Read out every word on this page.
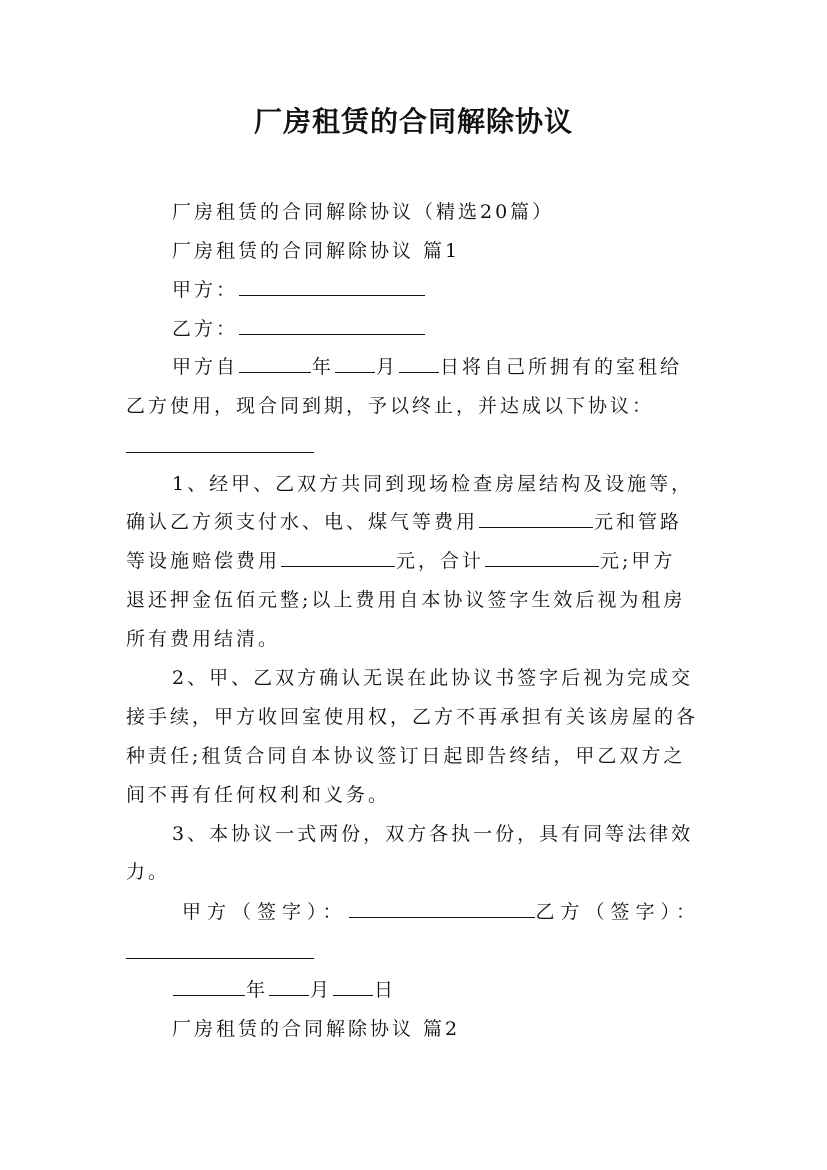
厂房租赁的合同解除协议
厂房租赁的合同解除协议（精选20篇）
厂房租赁的合同解除协议 篇1
甲方：
乙方：
甲方自	年 月 日将自己所拥有的室租给
乙方使用，现合同到期，予以终止，并达成以下协议：
1、经甲、乙双方共同到现场检查房屋结构及设施等，
确认乙方须支付水、电、煤气等费用	元和管路
等设施赔偿费用	元，合计	元;甲方
退还押金伍佰元整;以上费用自本协议签字生效后视为租房
所有费用结清。
2、甲、乙双方确认无误在此协议书签字后视为完成交
接手续，甲方收回室使用权，乙方不再承担有关该房屋的各
种责任;租赁合同自本协议签订日起即告终结，甲乙双方之
间不再有任何权利和义务。
3、本协议一式两份，双方各执一份，具有同等法律效
力。
甲方（签字）：	乙方（签字）：
年 月 日
厂房租赁的合同解除协议 篇2
